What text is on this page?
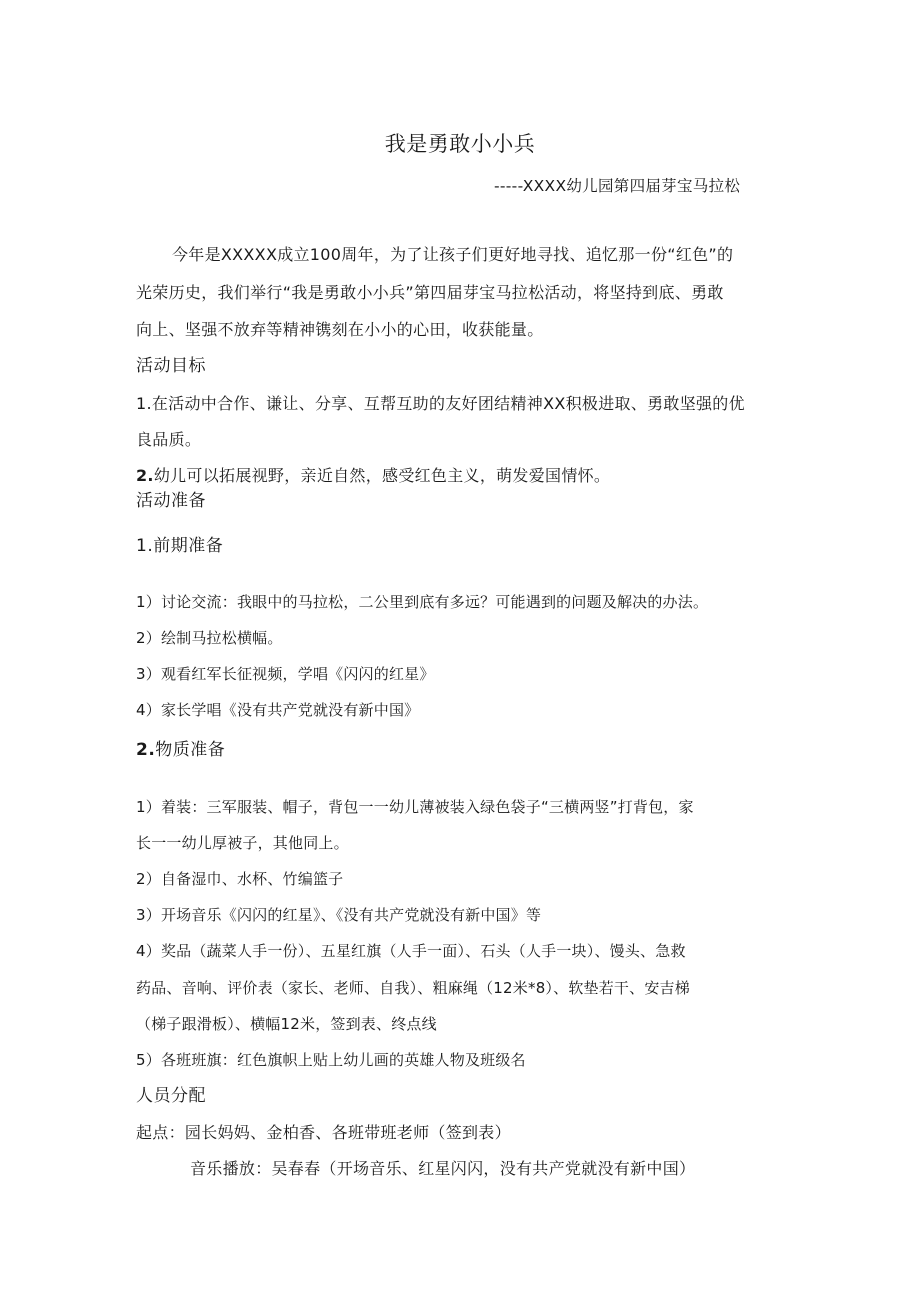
我是勇敢小小兵
-----XXXX幼儿园第四届芽宝马拉松
今年是XXXXX成立100周年，为了让孩子们更好地寻找、追忆那一份“红色”的
光荣历史，我们举行“我是勇敢小小兵”第四届芽宝马拉松活动，将坚持到底、勇敢
向上、坚强不放弃等精神镌刻在小小的心田，收获能量。
活动目标
1.在活动中合作、谦让、分享、互帮互助的友好团结精神XX积极进取、勇敢坚强的优
良品质。
2.幼儿可以拓展视野，亲近自然，感受红色主义，萌发爱国情怀。
活动准备
1.前期准备
1）讨论交流：我眼中的马拉松，二公里到底有多远？可能遇到的问题及解决的办法。
2）绘制马拉松横幅。
3）观看红军长征视频，学唱《闪闪的红星》
4）家长学唱《没有共产党就没有新中国》
2.物质准备
1）着装：三军服装、帽子，背包一一幼儿薄被装入绿色袋子“三横两竖”打背包，家
长一一幼儿厚被子，其他同上。
2）自备湿巾、水杯、竹编篮子
3）开场音乐《闪闪的红星》、《没有共产党就没有新中国》等
4）奖品（蔬菜人手一份）、五星红旗（人手一面）、石头（人手一块）、馒头、急救
药品、音响、评价表（家长、老师、自我）、粗麻绳（12米*8）、软垫若干、安吉梯
（梯子跟滑板）、横幅12米，签到表、终点线
5）各班班旗：红色旗帜上贴上幼儿画的英雄人物及班级名
人员分配
起点：园长妈妈、金柏香、各班带班老师（签到表）
音乐播放：吴春春（开场音乐、红星闪闪，没有共产党就没有新中国）
